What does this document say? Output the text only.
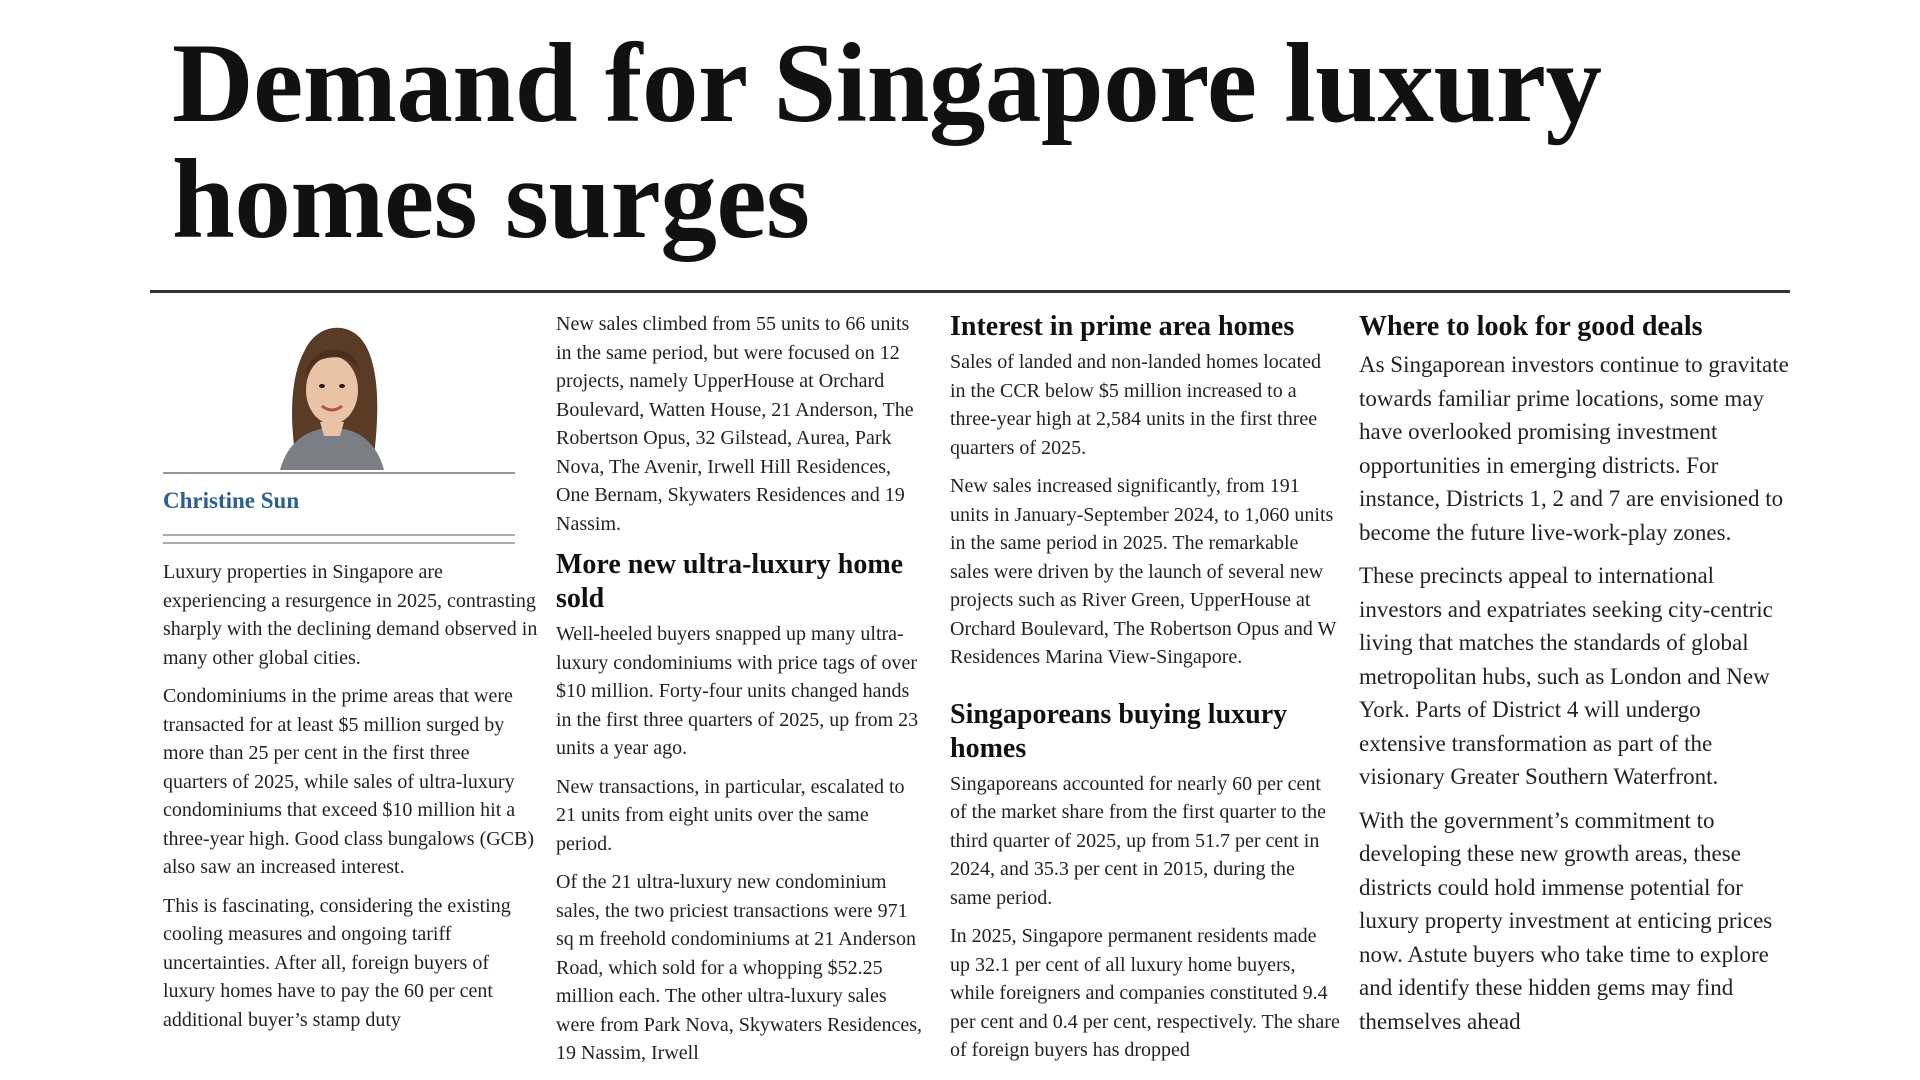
Demand for Singapore luxury homes surges
Christine Sun

Luxury properties in Singapore are experiencing a resurgence in 2025, contrasting sharply with the declining demand observed in many other global cities.

Condominiums in the prime areas that were transacted for at least $5 million surged by more than 25 per cent in the first three quarters of 2025, while sales of ultra-luxury condominiums that exceed $10 million hit a three-year high. Good class bungalows (GCB) also saw an increased interest.

This is fascinating, considering the existing cooling measures and ongoing tariff uncertainties. After all, foreign buyers of luxury homes have to pay the 60 per cent additional buyer’s stamp duty

New sales climbed from 55 units to 66 units in the same period, but were focused on 12 projects, namely UpperHouse at Orchard Boulevard, Watten House, 21 Anderson, The Robertson Opus, 32 Gilstead, Aurea, Park Nova, The Avenir, Irwell Hill Residences, One Bernam, Skywaters Residences and 19 Nassim.

More new ultra-luxury home sold

Well-heeled buyers snapped up many ultra-luxury condominiums with price tags of over $10 million. Forty-four units changed hands in the first three quarters of 2025, up from 23 units a year ago.

New transactions, in particular, escalated to 21 units from eight units over the same period.

Of the 21 ultra-luxury new condominium sales, the two priciest transactions were 971 sq m freehold condominiums at 21 Anderson Road, which sold for a whopping $52.25 million each. The other ultra-luxury sales were from Park Nova, Skywaters Residences, 19 Nassim, Irwell

Interest in prime area homes

Sales of landed and non-landed homes located in the CCR below $5 million increased to a three-year high at 2,584 units in the first three quarters of 2025.

New sales increased significantly, from 191 units in January-September 2024, to 1,060 units in the same period in 2025. The remarkable sales were driven by the launch of several new projects such as River Green, UpperHouse at Orchard Boulevard, The Robertson Opus and W Residences Marina View-Singapore.

Singaporeans buying luxury homes

Singaporeans accounted for nearly 60 per cent of the market share from the first quarter to the third quarter of 2025, up from 51.7 per cent in 2024, and 35.3 per cent in 2015, during the same period.

In 2025, Singapore permanent residents made up 32.1 per cent of all luxury home buyers, while foreigners and companies constituted 9.4 per cent and 0.4 per cent, respectively. The share of foreign buyers has dropped

Where to look for good deals

As Singaporean investors continue to gravitate towards familiar prime locations, some may have overlooked promising investment opportunities in emerging districts. For instance, Districts 1, 2 and 7 are envisioned to become the future live-work-play zones.

These precincts appeal to international investors and expatriates seeking city-centric living that matches the standards of global metropolitan hubs, such as London and New York. Parts of District 4 will undergo extensive transformation as part of the visionary Greater Southern Waterfront.

With the government’s commitment to developing these new growth areas, these districts could hold immense potential for luxury property investment at enticing prices now. Astute buyers who take time to explore and identify these hidden gems may find themselves ahead
